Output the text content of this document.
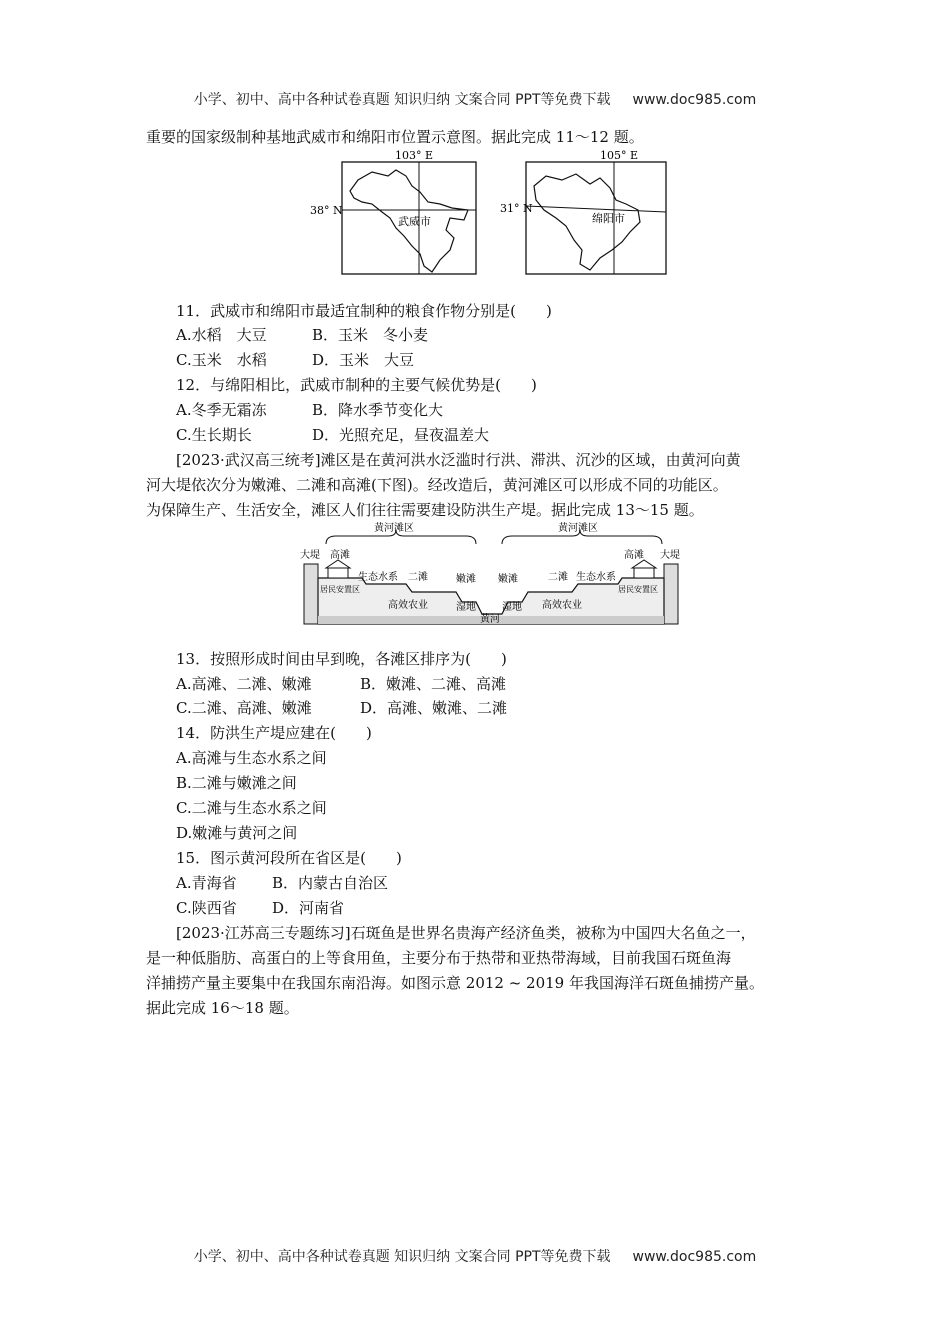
小学、初中、高中各种试卷真题 知识归纳 文案合同 PPT等免费下载 www.doc985.com
重要的国家级制种基地武威市和绵阳市位置示意图。据此完成 11～12 题。
103° E
38° N
武威市
105° E
31° N
绵阳市
11．武威市和绵阳市最适宜制种的粮食作物分别是(　　)
A.水稻　大豆	B．玉米　冬小麦
C.玉米　水稻	D．玉米　大豆
12．与绵阳相比，武威市制种的主要气候优势是(　　)
A.冬季无霜冻	B．降水季节变化大
C.生长期长	D．光照充足，昼夜温差大
[2023·武汉高三统考]滩区是在黄河洪水泛滥时行洪、滞洪、沉沙的区域，由黄河向黄
河大堤依次分为嫩滩、二滩和高滩(下图)。经改造后，黄河滩区可以形成不同的功能区。
为保障生产、生活安全，滩区人们往往需要建设防洪生产堤。据此完成 13～15 题。
黄河滩区	黄河滩区
大堤	大堤
高滩	高滩
生态水系 二滩	嫩滩 嫩滩	二滩 生态水系
居民安置区	居民安置区
高效农业	高效农业
湿地	湿地
黄河
13．按照形成时间由早到晚，各滩区排序为(　　)
A.高滩、二滩、嫩滩	B．嫩滩、二滩、高滩
C.二滩、高滩、嫩滩	D．高滩、嫩滩、二滩
14．防洪生产堤应建在(　　)
A.高滩与生态水系之间
B.二滩与嫩滩之间
C.二滩与生态水系之间
D.嫩滩与黄河之间
15．图示黄河段所在省区是(　　)
A.青海省 B．内蒙古自治区
C.陕西省 D．河南省
[2023·江苏高三专题练习]石斑鱼是世界名贵海产经济鱼类，被称为中国四大名鱼之一，
是一种低脂肪、高蛋白的上等食用鱼，主要分布于热带和亚热带海域，目前我国石斑鱼海
洋捕捞产量主要集中在我国东南沿海。如图示意 2012 ~ 2019 年我国海洋石斑鱼捕捞产量。
据此完成 16～18 题。
小学、初中、高中各种试卷真题 知识归纳 文案合同 PPT等免费下载 www.doc985.com
